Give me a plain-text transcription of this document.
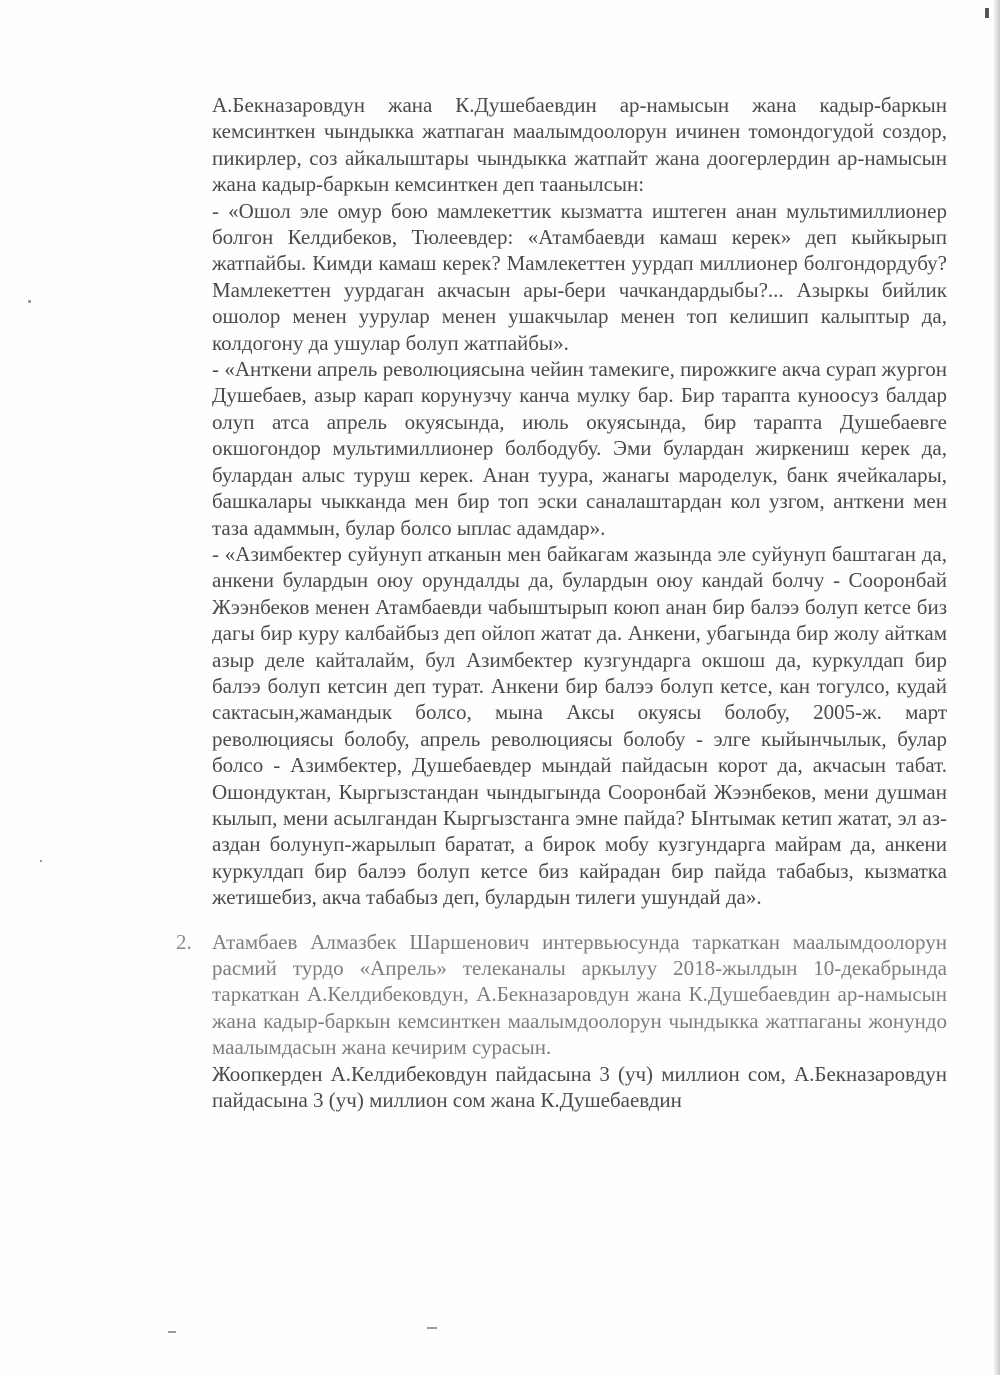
А.Бекназаровдун жана К.Душебаевдин ар-намысын жана кадыр-баркын кемсинткен чындыкка жатпаган маалымдоолорун ичинен томондогудой создор, пикирлер, соз айкалыштары чындыкка жатпайт жана доогерлердин ар-намысын жана кадыр-баркын кемсинткен деп таанылсын:

- «Ошол эле омур бою мамлекеттик кызматта иштеген анан мультимиллионер болгон Келдибеков, Тюлеевдер: «Атамбаевди камаш керек» деп кыйкырып жатпайбы. Кимди камаш керек? Мамлекеттен уурдап миллионер болгондордубу? Мамлекеттен уурдаган акчасын ары-бери чачкандардыбы?... Азыркы бийлик ошолор менен уурулар менен ушакчылар менен топ келишип калыптыр да, колдогону да ушулар болуп жатпайбы».

- «Анткени апрель революциясына чейин тамекиге, пирожкиге акча сурап жургон Душебаев, азыр карап корунузчу канча мулку бар. Бир тарапта куноосуз балдар олуп атса апрель окуясында, июль окуясында, бир тарапта Душебаевге окшогондор мультимиллионер болбодубу. Эми булардан жиркениш керек да, булардан алыс туруш керек. Анан туура, жанагы мароделук, банк ячейкалары, башкалары чыкканда мен бир топ эски саналаштардан кол узгом, анткени мен таза адаммын, булар болсо ыплас адамдар».

- «Азимбектер суйунуп атканын мен байкагам жазында эле суйунуп баштаган да, анкени булардын оюу орундалды да, булардын оюу кандай болчу - Сооронбай Жээнбеков менен Атамбаевди чабыштырып коюп анан бир балээ болуп кетсе биз дагы бир куру калбайбыз деп ойлоп жатат да. Анкени, убагында бир жолу айткам азыр деле кайталайм, бул Азимбектер кузгундарга окшош да, куркулдап бир балээ болуп кетсин деп турат. Анкени бир балээ болуп кетсе, кан тогулсо, кудай сактасын,жамандык болсо, мына Аксы окуясы болобу, 2005-ж. март революциясы болобу, апрель революциясы болобу - элге кыйынчылык, булар болсо - Азимбектер, Душебаевдер мындай пайдасын корот да, акчасын табат. Ошондуктан, Кыргызстандан чындыгында Сооронбай Жээнбеков, мени душман кылып, мени асылгандан Кыргызстанга эмне пайда? Ынтымак кетип жатат, эл аз-аздан болунуп-жарылып баратат, а бирок мобу кузгундарга майрам да, анкени куркулдап бир балээ болуп кетсе биз кайрадан бир пайда табабыз, кызматка жетишебиз, акча табабыз деп, булардын тилеги ушундай да».

2. Атамбаев Алмазбек Шаршенович интервьюсунда таркаткан маалымдоолорун расмий турдо «Апрель» телеканалы аркылуу 2018-жылдын 10-декабрында таркаткан А.Келдибековдун, А.Бекназаровдун жана К.Душебаевдин ар-намысын жана кадыр-баркын кемсинткен маалымдоолорун чындыкка жатпаганы жонундо маалымдасын жана кечирим сурасын.

Жоопкерден А.Келдибековдун пайдасына 3 (уч) миллион сом, А.Бекназаровдун пайдасына 3 (уч) миллион сом жана К.Душебаевдин
